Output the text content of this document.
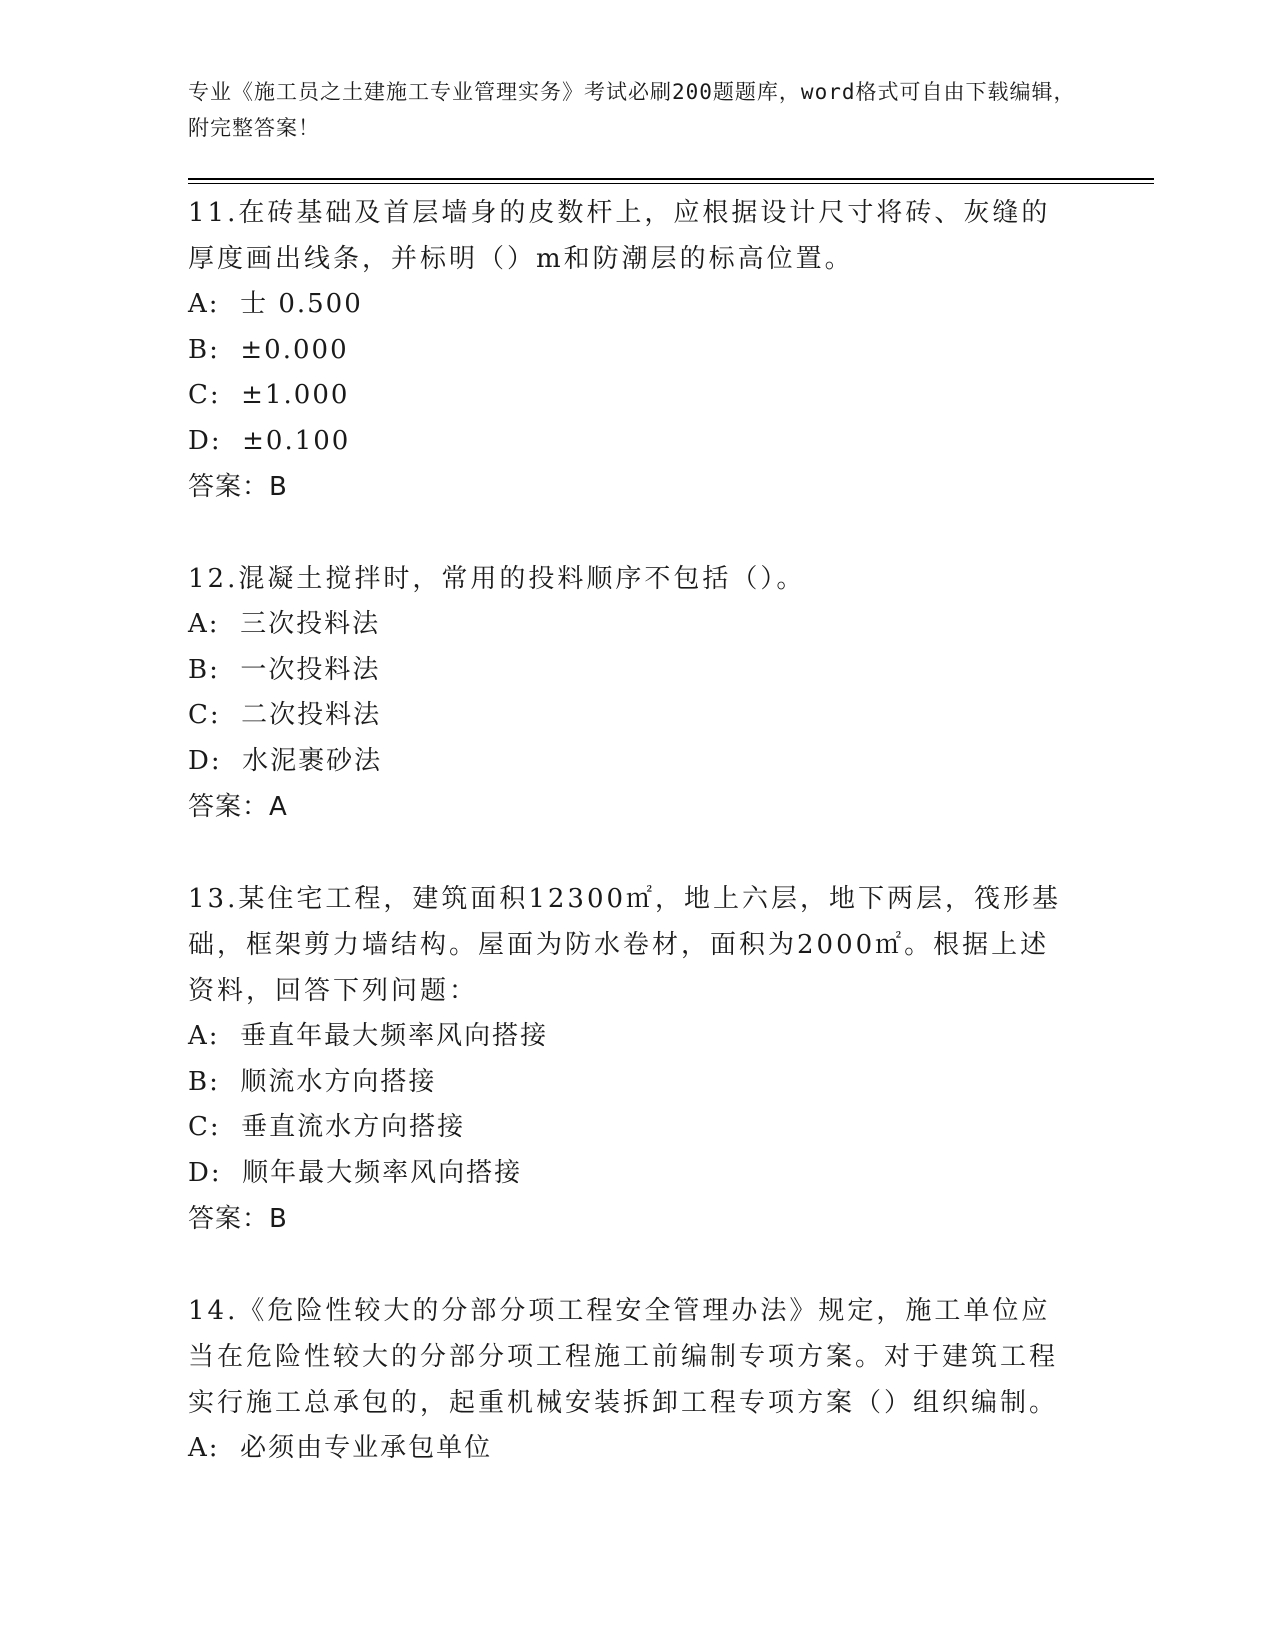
专业《施工员之土建施工专业管理实务》考试必刷200题题库，word格式可自由下载编辑，附完整答案！
11.在砖基础及首层墙身的皮数杆上，应根据设计尺寸将砖、灰缝的厚度画出线条，并标明（）m和防潮层的标高位置。
A:  士 0.500
B:  ±0.000
C:  ±1.000
D:  ±0.100
答案：B
12.混凝土搅拌时，常用的投料顺序不包括（）。
A:  三次投料法
B:  一次投料法
C:  二次投料法
D:  水泥裹砂法
答案：A
13.某住宅工程，建筑面积12300㎡，地上六层，地下两层，筏形基础，框架剪力墙结构。屋面为防水卷材，面积为2000㎡。根据上述资料，回答下列问题：
A:  垂直年最大频率风向搭接
B:  顺流水方向搭接
C:  垂直流水方向搭接
D:  顺年最大频率风向搭接
答案：B
14.《危险性较大的分部分项工程安全管理办法》规定，施工单位应当在危险性较大的分部分项工程施工前编制专项方案。对于建筑工程实行施工总承包的，起重机械安装拆卸工程专项方案（）组织编制。
A:  必须由专业承包单位
